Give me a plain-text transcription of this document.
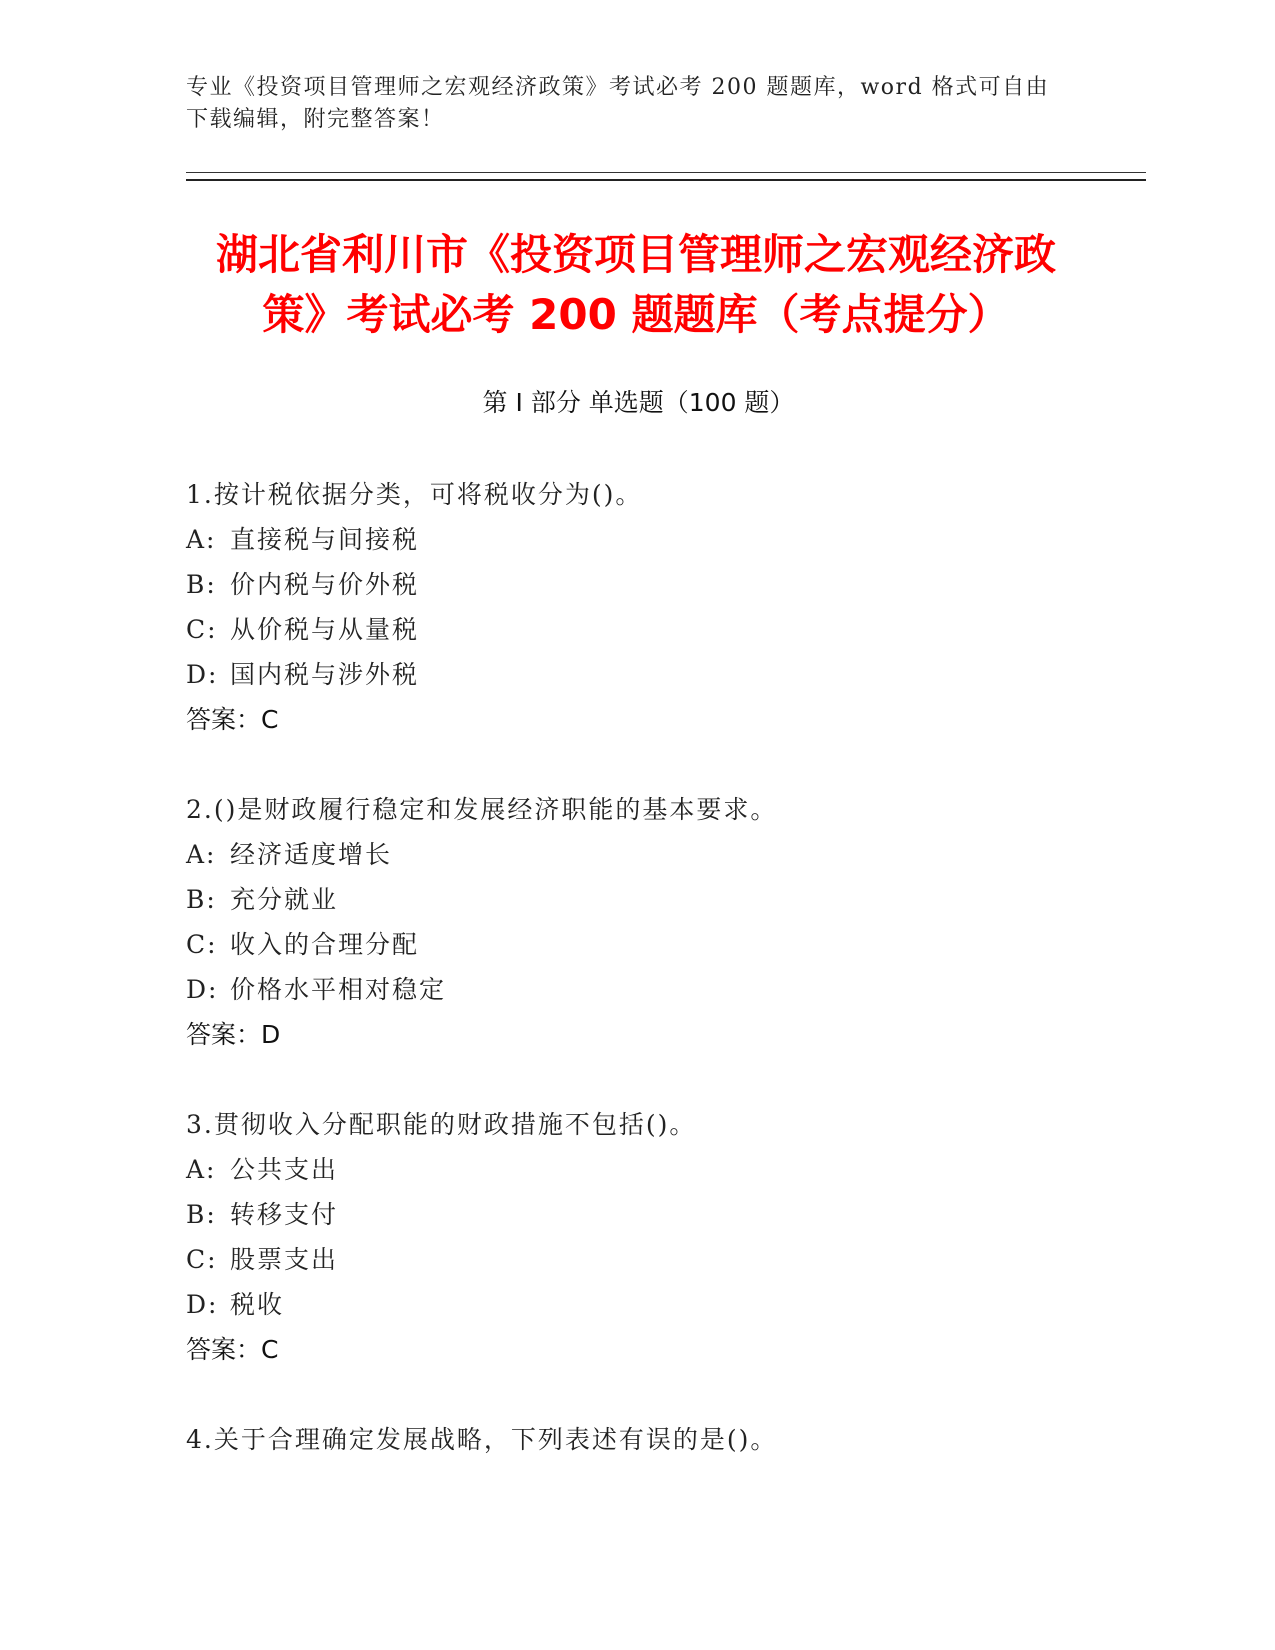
专业《投资项目管理师之宏观经济政策》考试必考 200 题题库，word 格式可自由下载编辑，附完整答案！
湖北省利川市《投资项目管理师之宏观经济政策》考试必考 200 题题库（考点提分）
第 I 部分 单选题（100 题）
1.按计税依据分类，可将税收分为()。
A: 直接税与间接税
B: 价内税与价外税
C: 从价税与从量税
D: 国内税与涉外税
答案：C
2.()是财政履行稳定和发展经济职能的基本要求。
A: 经济适度增长
B: 充分就业
C: 收入的合理分配
D: 价格水平相对稳定
答案：D
3.贯彻收入分配职能的财政措施不包括()。
A: 公共支出
B: 转移支付
C: 股票支出
D: 税收
答案：C
4.关于合理确定发展战略，下列表述有误的是()。
